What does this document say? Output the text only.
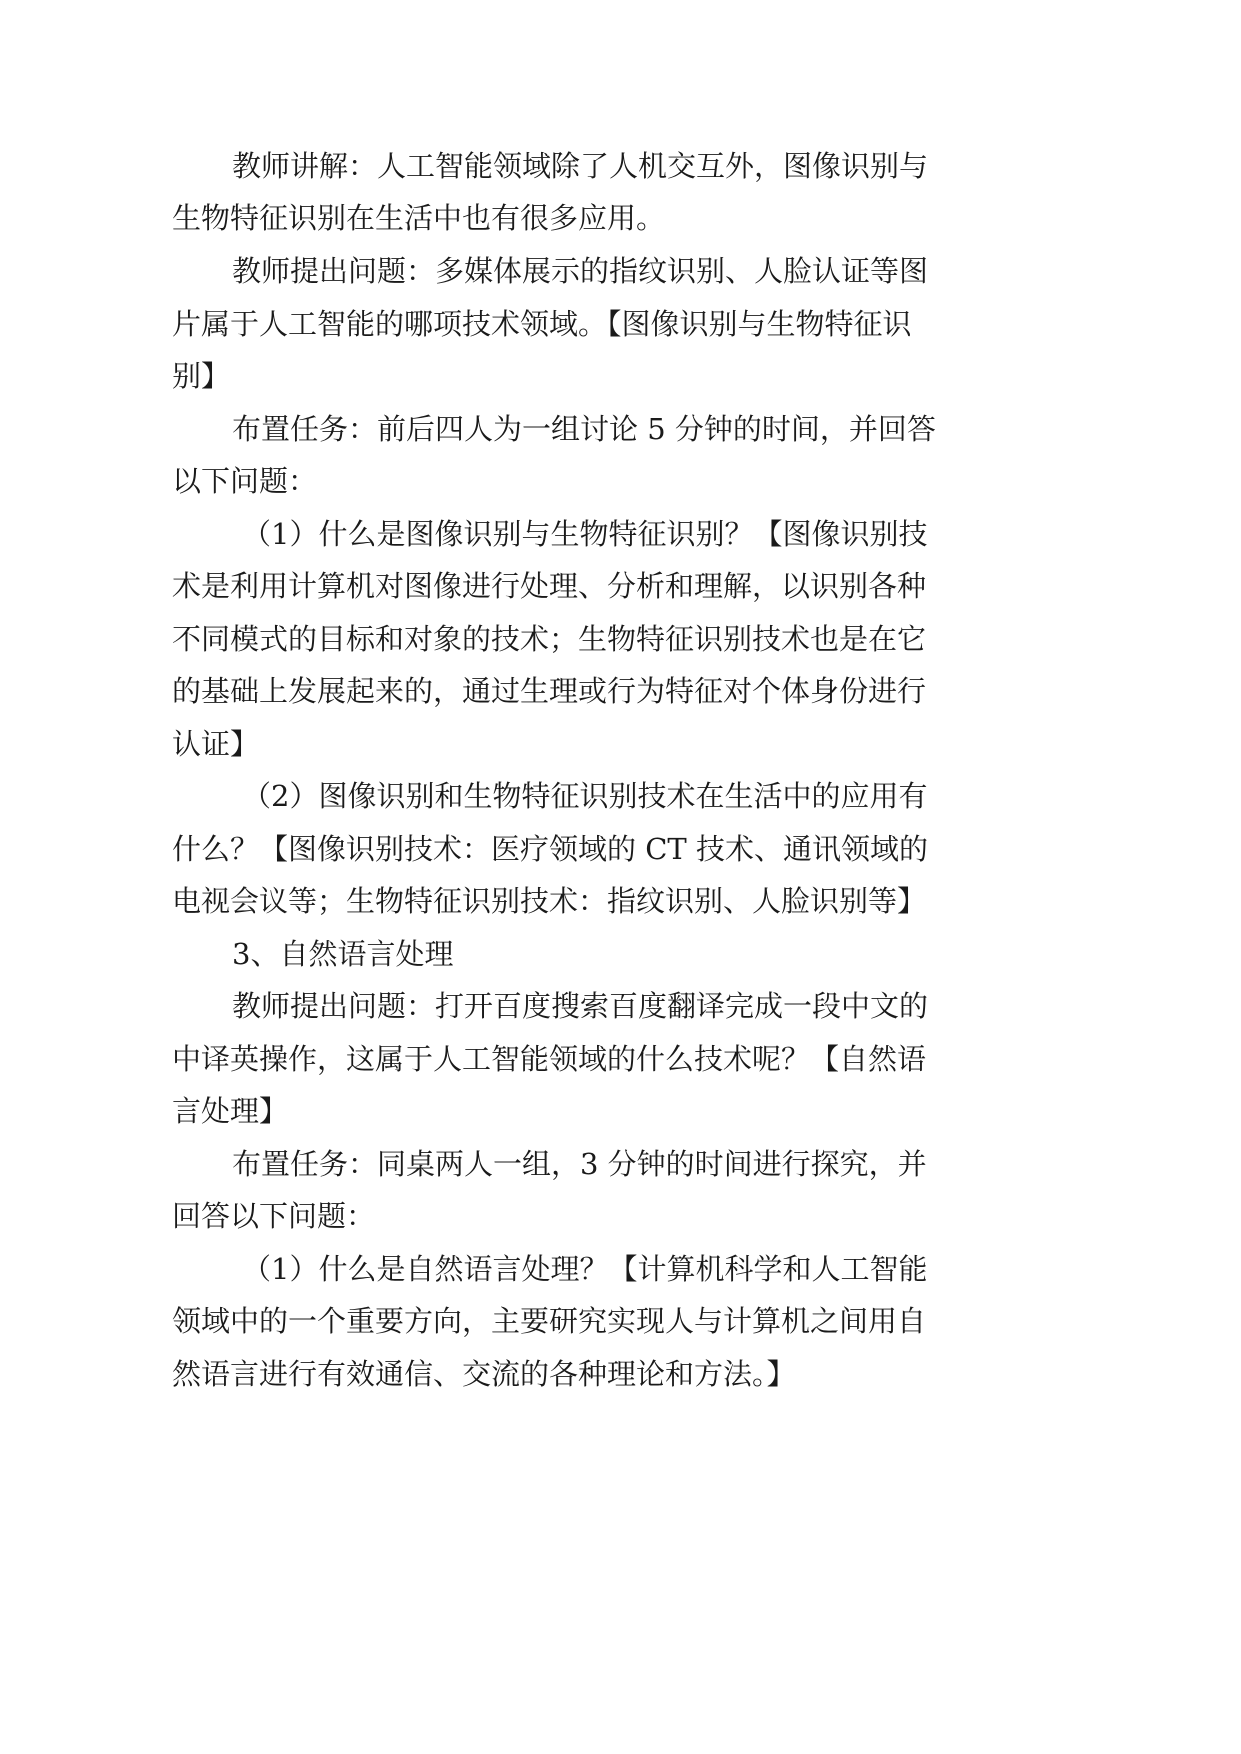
教师讲解：人工智能领域除了人机交互外，图像识别与
生物特征识别在生活中也有很多应用。
教师提出问题：多媒体展示的指纹识别、人脸认证等图
片属于人工智能的哪项技术领域。【图像识别与生物特征识
别】
布置任务：前后四人为一组讨论 5 分钟的时间，并回答
以下问题：
（1）什么是图像识别与生物特征识别？【图像识别技
术是利用计算机对图像进行处理、分析和理解，以识别各种
不同模式的目标和对象的技术；生物特征识别技术也是在它
的基础上发展起来的，通过生理或行为特征对个体身份进行
认证】
（2）图像识别和生物特征识别技术在生活中的应用有
什么？【图像识别技术：医疗领域的 CT 技术、通讯领域的
电视会议等；生物特征识别技术：指纹识别、人脸识别等】
3、自然语言处理
教师提出问题：打开百度搜索百度翻译完成一段中文的
中译英操作，这属于人工智能领域的什么技术呢？【自然语
言处理】
布置任务：同桌两人一组，3 分钟的时间进行探究，并
回答以下问题：
（1）什么是自然语言处理？【计算机科学和人工智能
领域中的一个重要方向，主要研究实现人与计算机之间用自
然语言进行有效通信、交流的各种理论和方法。】
